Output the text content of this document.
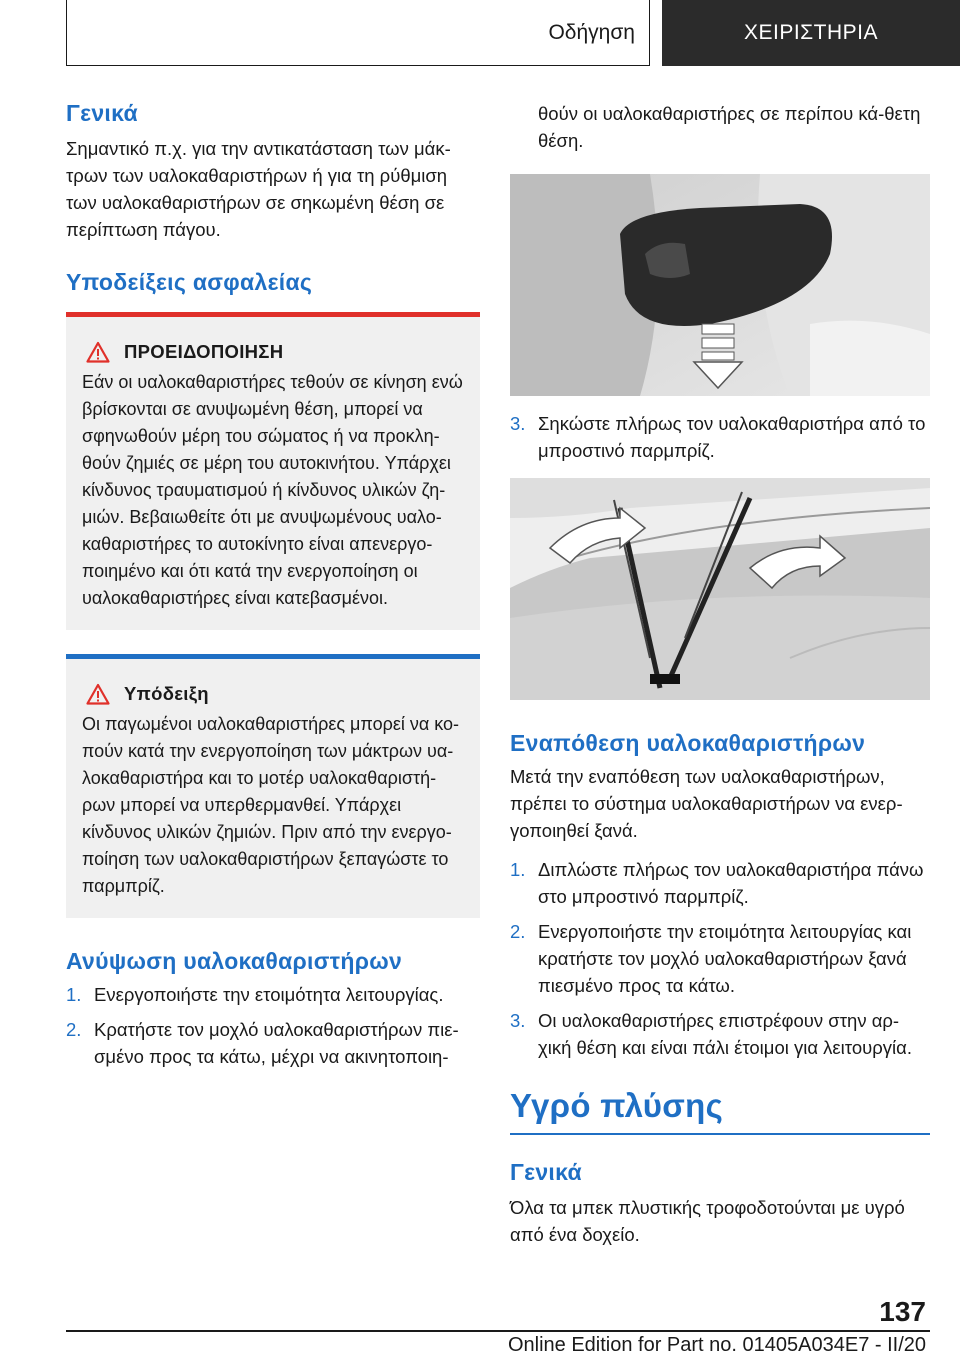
Οδήγηση	ΧΕΙΡΙΣΤΗΡΙΑ
Γενικά

Σημαντικό π.χ. για την αντικατάσταση των μάκ-τρων των υαλοκαθαριστήρων ή για τη ρύθμιση των υαλοκαθαριστήρων σε σηκωμένη θέση σε περίπτωση πάγου.

Υποδείξεις ασφαλείας
ΠΡΟΕΙΔΟΠΟΙΗΣΗ

Εάν οι υαλοκαθαριστήρες τεθούν σε κίνηση ενώ βρίσκονται σε ανυψωμένη θέση, μπορεί να σφηνωθούν μέρη του σώματος ή να προκλη-θούν ζημιές σε μέρη του αυτοκινήτου. Υπάρχει κίνδυνος τραυματισμού ή κίνδυνος υλικών ζη-μιών. Βεβαιωθείτε ότι με ανυψωμένους υαλο-καθαριστήρες το αυτοκίνητο είναι απενεργο-ποιημένο και ότι κατά την ενεργοποίηση οι υαλοκαθαριστήρες είναι κατεβασμένοι.

Υπόδειξη

Οι παγωμένοι υαλοκαθαριστήρες μπορεί να κο-πούν κατά την ενεργοποίηση των μάκτρων υα-λοκαθαριστήρα και το μοτέρ υαλοκαθαριστή-ρων μπορεί να υπερθερμανθεί. Υπάρχει κίνδυνος υλικών ζημιών. Πριν από την ενεργο-ποίηση των υαλοκαθαριστήρων ξεπαγώστε το παρμπρίζ.

Ανύψωση υαλοκαθαριστήρων
1. Ενεργοποιήστε την ετοιμότητα λειτουργίας.
2. Κρατήστε τον μοχλό υαλοκαθαριστήρων πιε-σμένο προς τα κάτω, μέχρι να ακινητοποιη-

θούν οι υαλοκαθαριστήρες σε περίπου κά-θετη θέση.

3. Σηκώστε πλήρως τον υαλοκαθαριστήρα από το μπροστινό παρμπρίζ.
Εναπόθεση υαλοκαθαριστήρων

Μετά την εναπόθεση των υαλοκαθαριστήρων, πρέπει το σύστημα υαλοκαθαριστήρων να ενερ-γοποιηθεί ξανά.

1. Διπλώστε πλήρως τον υαλοκαθαριστήρα πάνω στο μπροστινό παρμπρίζ.
2. Ενεργοποιήστε την ετοιμότητα λειτουργίας και κρατήστε τον μοχλό υαλοκαθαριστήρων ξανά πιεσμένο προς τα κάτω.
3. Οι υαλοκαθαριστήρες επιστρέφουν στην αρ-χική θέση και είναι πάλι έτοιμοι για λειτουργία.
Υγρό πλύσης
Γενικά

Όλα τα μπεκ πλυστικής τροφοδοτούνται με υγρό από ένα δοχείο.

137
Online Edition for Part no. 01405A034E7 - II/20
